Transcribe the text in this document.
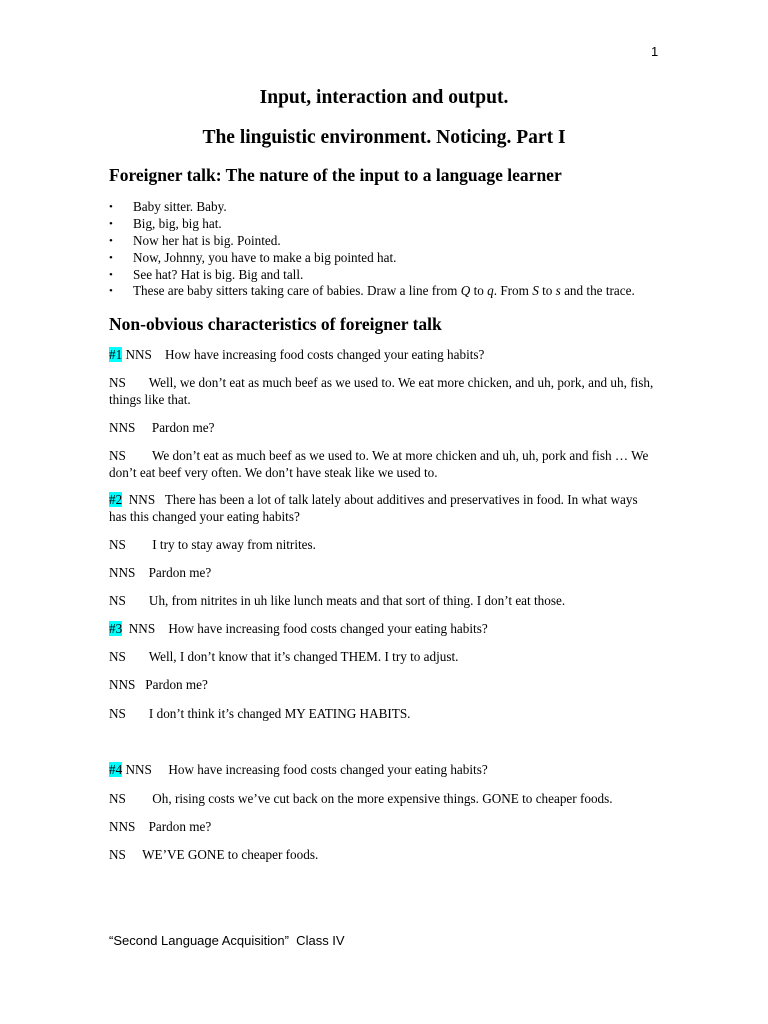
1
Input, interaction and output.
The linguistic environment. Noticing. Part I
Foreigner talk: The nature of the input to a language learner
• Baby sitter. Baby.
• Big, big, big hat.
• Now her hat is big. Pointed.
• Now, Johnny, you have to make a big pointed hat.
• See hat? Hat is big. Big and tall.
• These are baby sitters taking care of babies. Draw a line from Q to q. From S to s and the trace.
Non-obvious characteristics of foreigner talk
#1 NNS    How have increasing food costs changed your eating habits?
NS       Well, we don’t eat as much beef as we used to. We eat more chicken, and uh, pork, and uh, fish, things like that.
NNS     Pardon me?
NS        We don’t eat as much beef as we used to. We at more chicken and uh, uh, pork and fish … We don’t eat beef very often. We don’t have steak like we used to.
#2  NNS   There has been a lot of talk lately about additives and preservatives in food. In what ways has this changed your eating habits?
NS        I try to stay away from nitrites.
NNS    Pardon me?
NS       Uh, from nitrites in uh like lunch meats and that sort of thing. I don’t eat those.
#3  NNS    How have increasing food costs changed your eating habits?
NS       Well, I don’t know that it’s changed THEM. I try to adjust.
NNS   Pardon me?
NS       I don’t think it’s changed MY EATING HABITS.
#4 NNS     How have increasing food costs changed your eating habits?
NS        Oh, rising costs we’ve cut back on the more expensive things. GONE to cheaper foods.
NNS    Pardon me?
NS     WE’VE GONE to cheaper foods.
“Second Language Acquisition”  Class IV
